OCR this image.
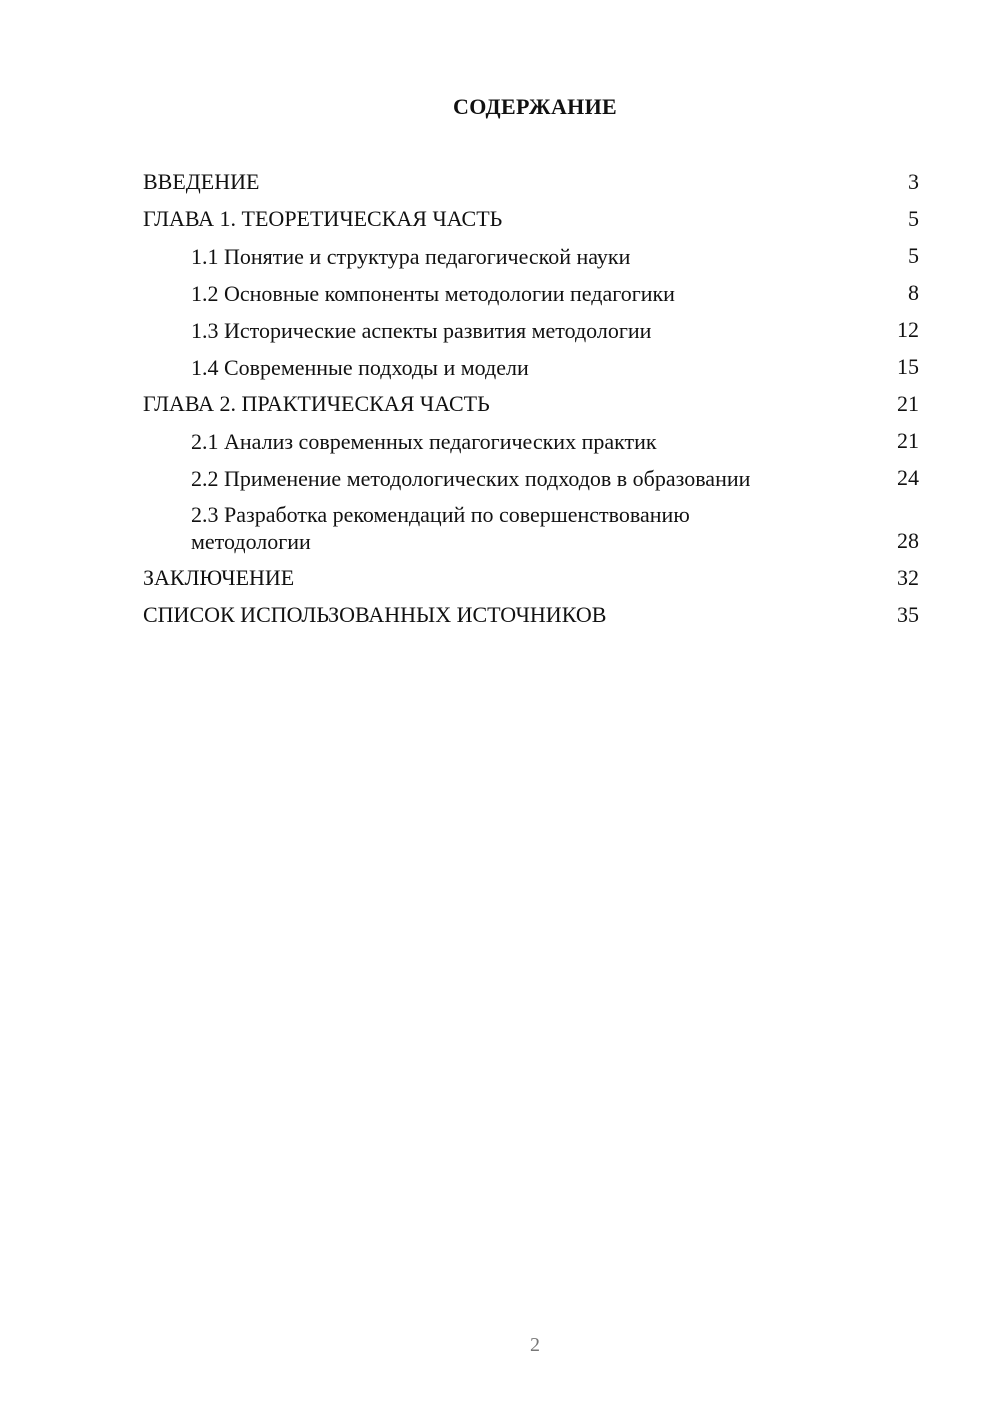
СОДЕРЖАНИЕ
ВВЕДЕНИЕ	3
ГЛАВА 1. ТЕОРЕТИЧЕСКАЯ ЧАСТЬ	5
1.1 Понятие и структура педагогической науки	5
1.2 Основные компоненты методологии педагогики	8
1.3 Исторические аспекты развития методологии	12
1.4 Современные подходы и модели	15
ГЛАВА 2. ПРАКТИЧЕСКАЯ ЧАСТЬ	21
2.1 Анализ современных педагогических практик	21
2.2 Применение методологических подходов в образовании	24
2.3 Разработка рекомендаций по совершенствованию методологии	28
ЗАКЛЮЧЕНИЕ	32
СПИСОК ИСПОЛЬЗОВАННЫХ ИСТОЧНИКОВ	35
2
